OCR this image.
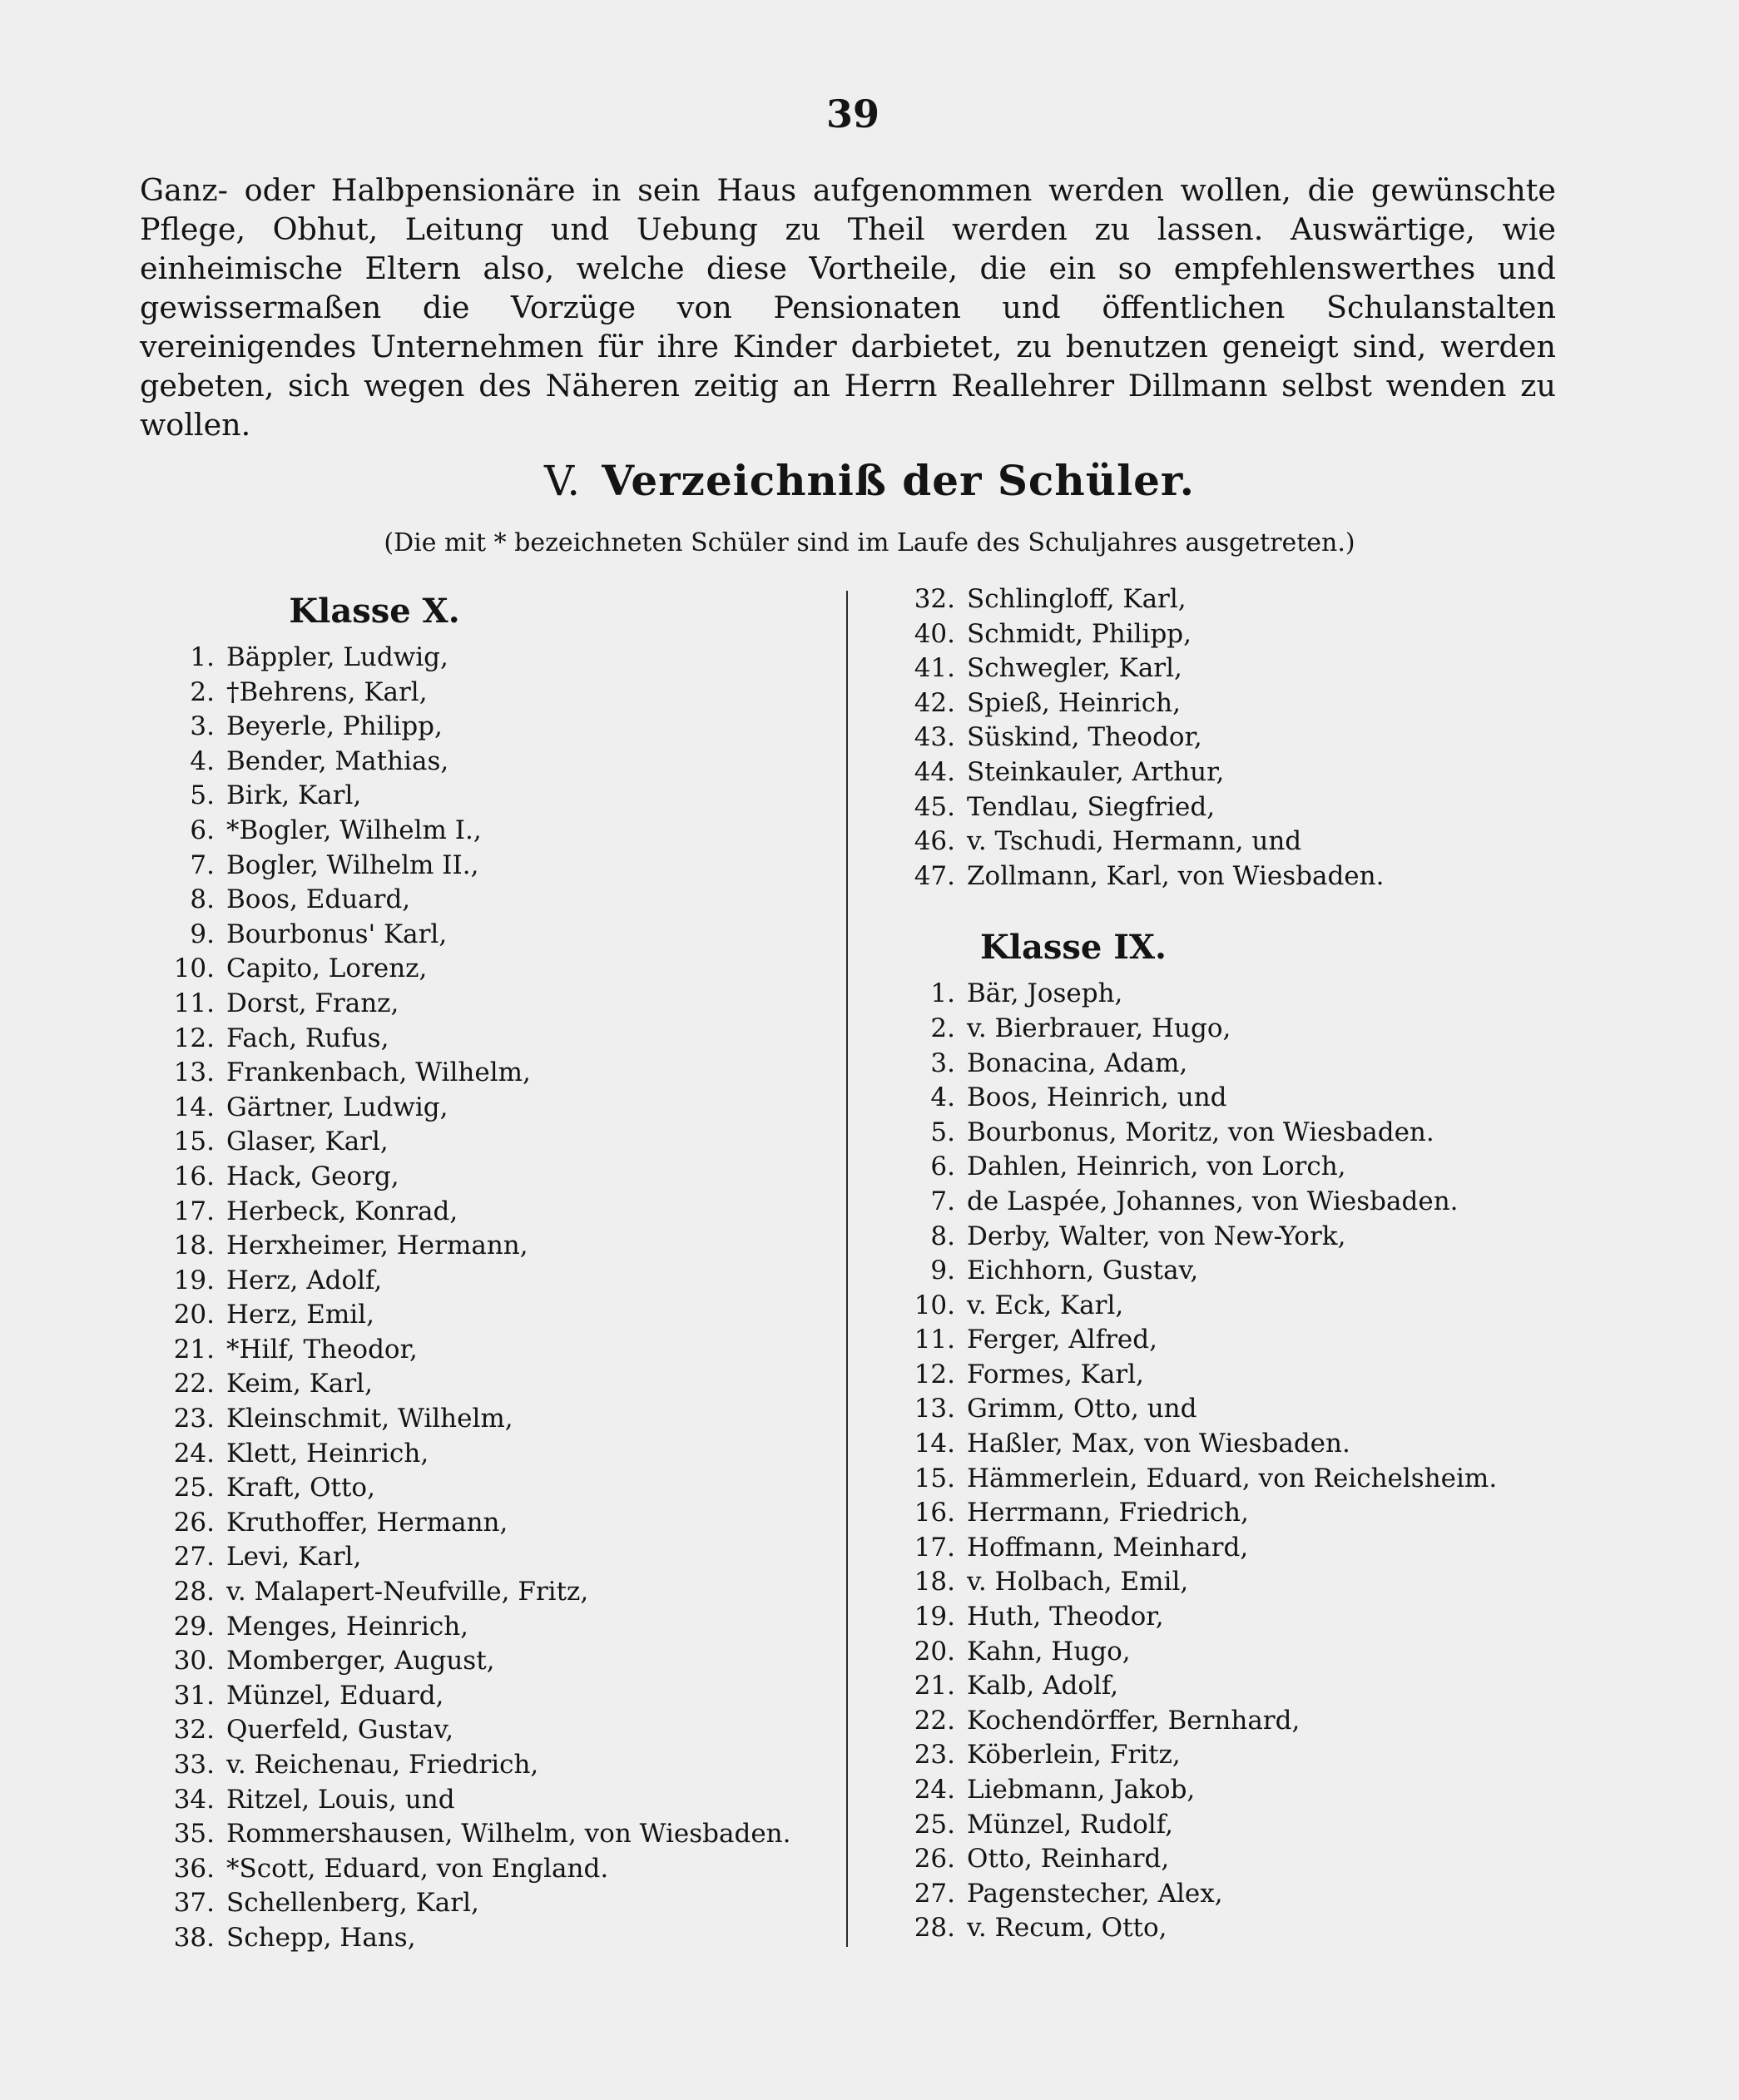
39
Ganz- oder Halbpensionäre in sein Haus aufgenommen werden wollen, die gewünschte Pflege, Obhut, Leitung und Uebung zu Theil werden zu lassen. Auswärtige, wie einheimische Eltern also, welche diese Vortheile, die ein so empfehlenswerthes und gewissermaßen die Vorzüge von Pensionaten und öffentlichen Schulanstalten vereinigendes Unternehmen für ihre Kinder darbietet, zu benutzen geneigt sind, werden gebeten, sich wegen des Näheren zeitig an Herrn Reallehrer Dillmann selbst wenden zu wollen.
V. Verzeichniß der Schüler.
(Die mit * bezeichneten Schüler sind im Laufe des Schuljahres ausgetreten.)
Klasse X.
1. Bäppler, Ludwig,
2. †Behrens, Karl,
3. Beyerle, Philipp,
4. Bender, Mathias,
5. Birk, Karl,
6. *Bogler, Wilhelm I.,
7. Bogler, Wilhelm II.,
8. Boos, Eduard,
9. Bourbonus' Karl,
10. Capito, Lorenz,
11. Dorst, Franz,
12. Fach, Rufus,
13. Frankenbach, Wilhelm,
14. Gärtner, Ludwig,
15. Glaser, Karl,
16. Hack, Georg,
17. Herbeck, Konrad,
18. Herxheimer, Hermann,
19. Herz, Adolf,
20. Herz, Emil,
21. *Hilf, Theodor,
22. Keim, Karl,
23. Kleinschmit, Wilhelm,
24. Klett, Heinrich,
25. Kraft, Otto,
26. Kruthoffer, Hermann,
27. Levi, Karl,
28. v. Malapert-Neufville, Fritz,
29. Menges, Heinrich,
30. Momberger, August,
31. Münzel, Eduard,
32. Querfeld, Gustav,
33. v. Reichenau, Friedrich,
34. Ritzel, Louis, und
35. Rommershausen, Wilhelm, von Wiesbaden.
36. *Scott, Eduard, von England.
37. Schellenberg, Karl,
38. Schepp, Hans,
32. Schlingloff, Karl,
40. Schmidt, Philipp,
41. Schwegler, Karl,
42. Spieß, Heinrich,
43. Süskind, Theodor,
44. Steinkauler, Arthur,
45. Tendlau, Siegfried,
46. v. Tschudi, Hermann, und
47. Zollmann, Karl, von Wiesbaden.
Klasse IX.
1. Bär, Joseph,
2. v. Bierbrauer, Hugo,
3. Bonacina, Adam,
4. Boos, Heinrich, und
5. Bourbonus, Moritz, von Wiesbaden.
6. Dahlen, Heinrich, von Lorch,
7. de Laspée, Johannes, von Wiesbaden.
8. Derby, Walter, von New-York,
9. Eichhorn, Gustav,
10. v. Eck, Karl,
11. Ferger, Alfred,
12. Formes, Karl,
13. Grimm, Otto, und
14. Haßler, Max, von Wiesbaden.
15. Hämmerlein, Eduard, von Reichelsheim.
16. Herrmann, Friedrich,
17. Hoffmann, Meinhard,
18. v. Holbach, Emil,
19. Huth, Theodor,
20. Kahn, Hugo,
21. Kalb, Adolf,
22. Kochendörffer, Bernhard,
23. Köberlein, Fritz,
24. Liebmann, Jakob,
25. Münzel, Rudolf,
26. Otto, Reinhard,
27. Pagenstecher, Alex,
28. v. Recum, Otto,
